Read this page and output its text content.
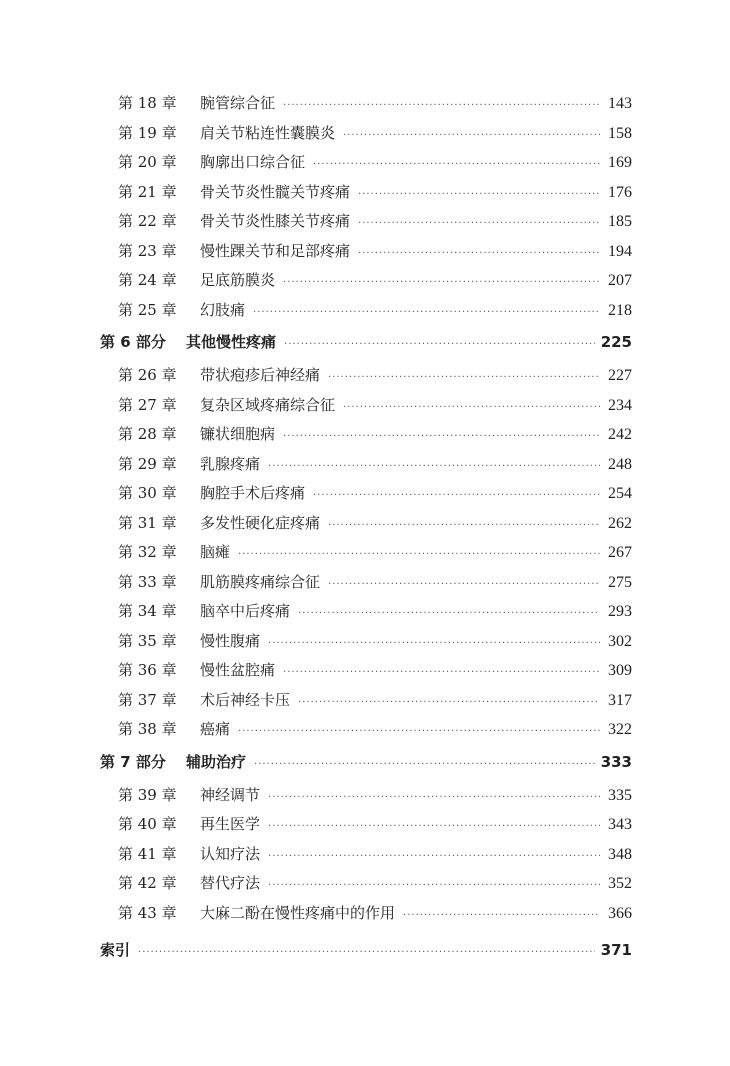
第 18 章	腕管综合征 ·····	143
第 19 章	肩关节粘连性囊膜炎 ·····	158
第 20 章	胸廓出口综合征 ·····	169
第 21 章	骨关节炎性髋关节疼痛 ·····	176
第 22 章	骨关节炎性膝关节疼痛 ·····	185
第 23 章	慢性踝关节和足部疼痛 ·····	194
第 24 章	足底筋膜炎 ·····	207
第 25 章	幻肢痛 ·····	218
第 6 部分	其他慢性疼痛 ·····	225
第 26 章	带状疱疹后神经痛 ·····	227
第 27 章	复杂区域疼痛综合征 ·····	234
第 28 章	镰状细胞病 ·····	242
第 29 章	乳腺疼痛 ·····	248
第 30 章	胸腔手术后疼痛 ·····	254
第 31 章	多发性硬化症疼痛 ·····	262
第 32 章	脑瘫 ·····	267
第 33 章	肌筋膜疼痛综合征 ·····	275
第 34 章	脑卒中后疼痛 ·····	293
第 35 章	慢性腹痛 ·····	302
第 36 章	慢性盆腔痛 ·····	309
第 37 章	术后神经卡压 ·····	317
第 38 章	癌痛 ·····	322
第 7 部分	辅助治疗 ·····	333
第 39 章	神经调节 ·····	335
第 40 章	再生医学 ·····	343
第 41 章	认知疗法 ·····	348
第 42 章	替代疗法 ·····	352
第 43 章	大麻二酚在慢性疼痛中的作用 ·····	366
索引 ·····	371
